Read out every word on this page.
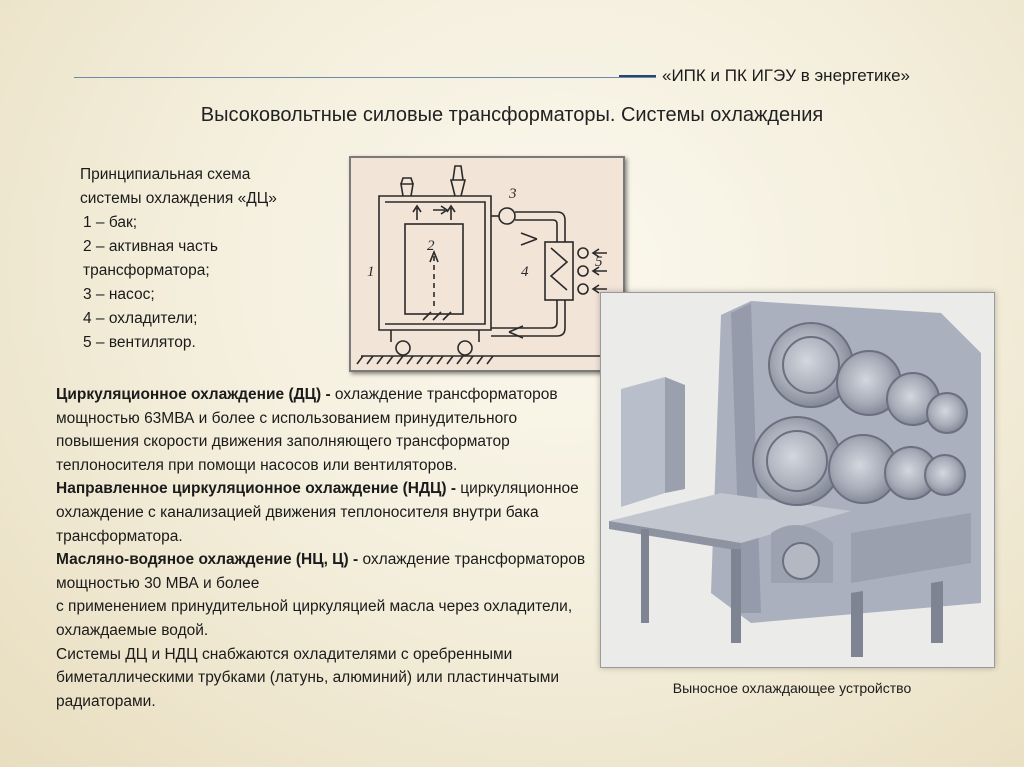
«ИПК и ПК ИГЭУ в энергетике»
Высоковольтные силовые трансформаторы. Системы охлаждения
Принципиальная схема
системы охлаждения «ДЦ»
1 – бак;
2 – активная часть
трансформатора;
3 – насос;
4 – охладители;
5 – вентилятор.
1
2
3
4
5
Выносное охлаждающее устройство

Циркуляционное охлаждение (ДЦ) - охлаждение трансформаторов мощностью 63МВА и более с использованием принудительного повышения скорости движения заполняющего трансформатор теплоносителя при помощи насосов или вентиляторов.

Направленное циркуляционное охлаждение (НДЦ) - циркуляционное охлаждение с канализацией движения теплоносителя внутри бака трансформатора.

Масляно-водяное охлаждение (НЦ, Ц) - охлаждение трансформаторов мощностью 30 МВА и более

с применением принудительной циркуляцией масла через охладители, охлаждаемые водой.

Системы ДЦ и НДЦ снабжаются охладителями с оребренными биметаллическими трубками (латунь, алюминий) или пластинчатыми радиаторами.
